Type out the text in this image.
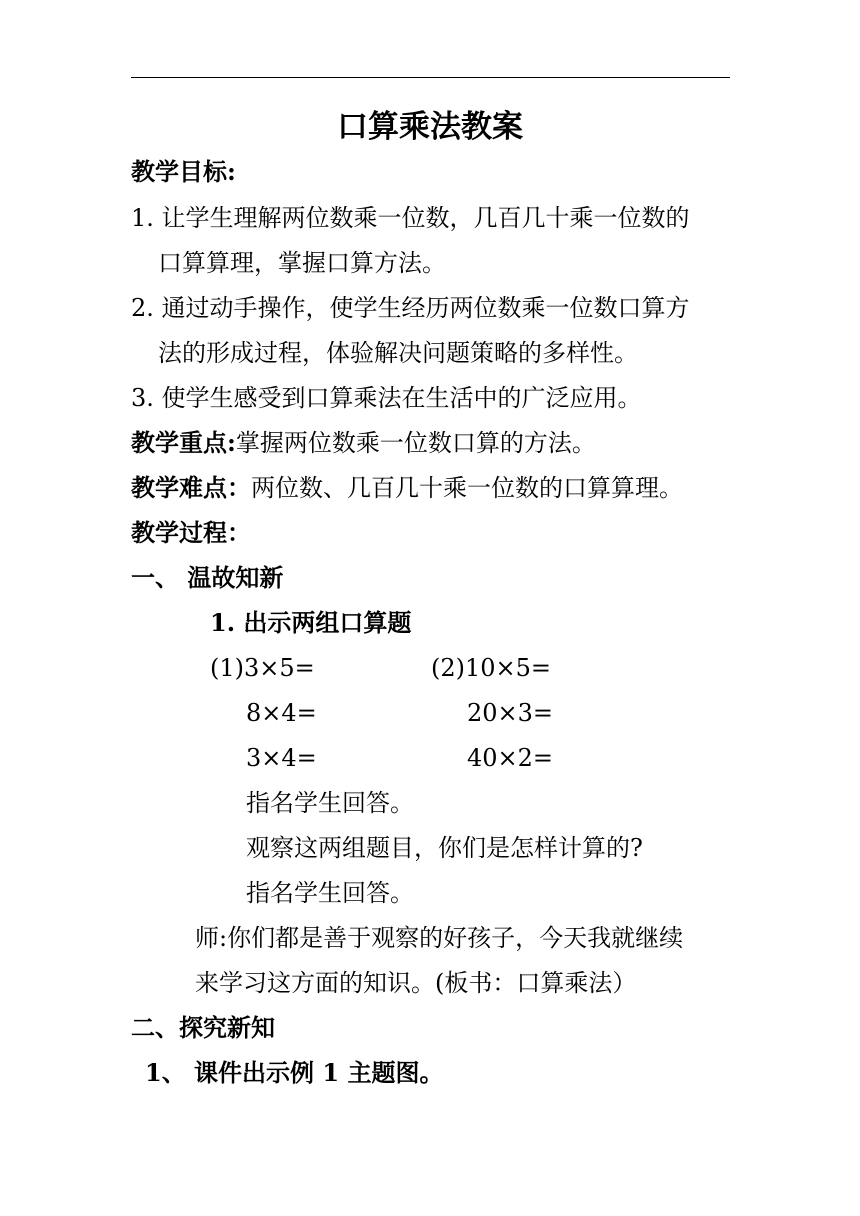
口算乘法教案
教学目标:
1. 让学生理解两位数乘一位数，几百几十乘一位数的
口算算理，掌握口算方法。
2. 通过动手操作，使学生经历两位数乘一位数口算方
法的形成过程，体验解决问题策略的多样性。
3. 使学生感受到口算乘法在生活中的广泛应用。
教学重点:掌握两位数乘一位数口算的方法。
教学难点：两位数、几百几十乘一位数的口算算理。
教学过程：
一、 温故知新
1. 出示两组口算题
(1)3×5=	(2)10×5=
8×4=	20×3=
3×4=	40×2=
指名学生回答。
观察这两组题目，你们是怎样计算的?
指名学生回答。
师:你们都是善于观察的好孩子，今天我就继续
来学习这方面的知识。(板书：口算乘法）
二、探究新知
1、 课件出示例 1 主题图。
